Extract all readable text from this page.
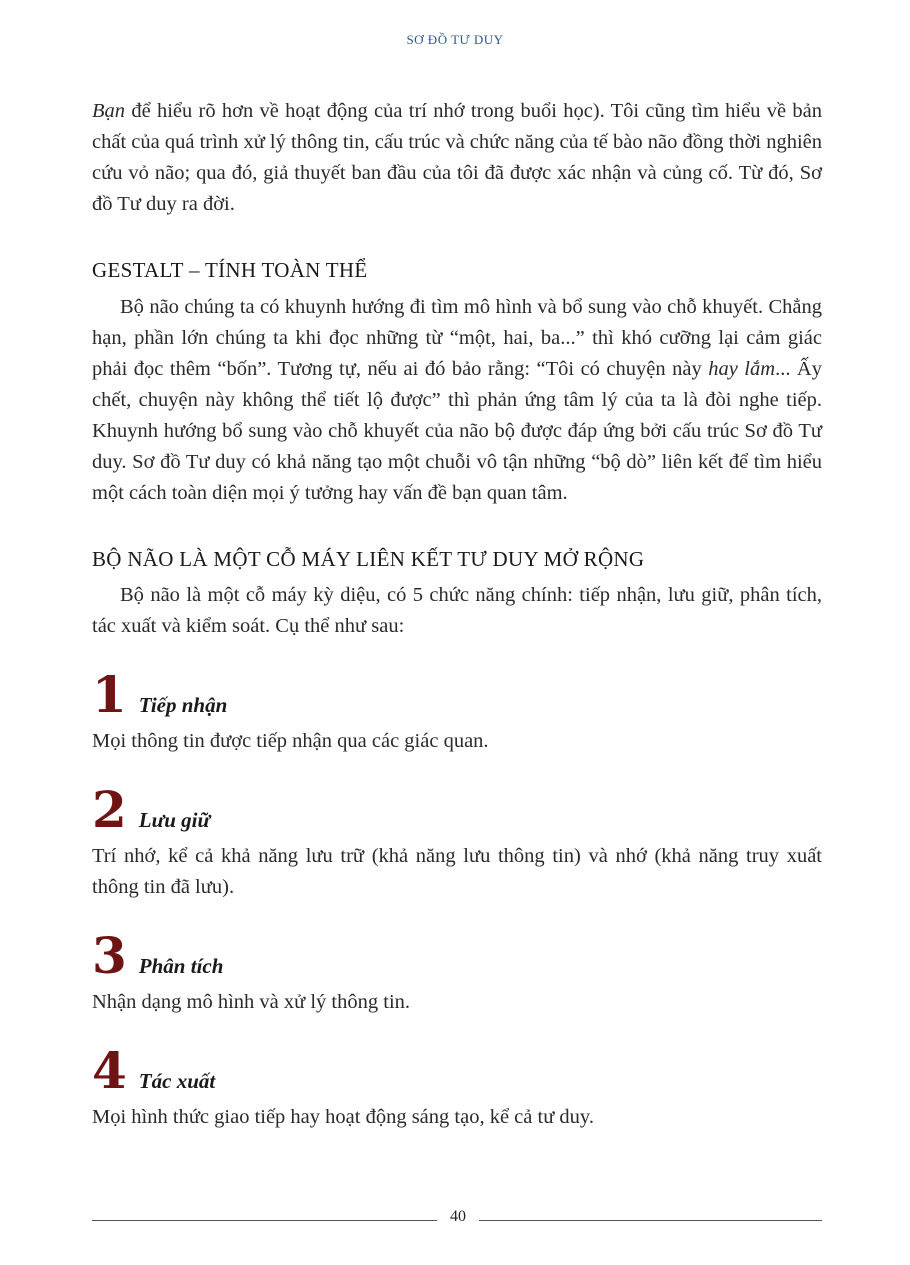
SƠ ĐỒ TƯ DUY

Bạn để hiểu rõ hơn về hoạt động của trí nhớ trong buổi học). Tôi cũng tìm hiểu về bản chất của quá trình xử lý thông tin, cấu trúc và chức năng của tế bào não đồng thời nghiên cứu vỏ não; qua đó, giả thuyết ban đầu của tôi đã được xác nhận và củng cố. Từ đó, Sơ đồ Tư duy ra đời.

GESTALT – TÍNH TOÀN THỂ

Bộ não chúng ta có khuynh hướng đi tìm mô hình và bổ sung vào chỗ khuyết. Chẳng hạn, phần lớn chúng ta khi đọc những từ “một, hai, ba...” thì khó cưỡng lại cảm giác phải đọc thêm “bốn”. Tương tự, nếu ai đó bảo rằng: “Tôi có chuyện này hay lắm... Ấy chết, chuyện này không thể tiết lộ được” thì phản ứng tâm lý của ta là đòi nghe tiếp. Khuynh hướng bổ sung vào chỗ khuyết của não bộ được đáp ứng bởi cấu trúc Sơ đồ Tư duy. Sơ đồ Tư duy có khả năng tạo một chuỗi vô tận những “bộ dò” liên kết để tìm hiểu một cách toàn diện mọi ý tưởng hay vấn đề bạn quan tâm.

BỘ NÃO LÀ MỘT CỖ MÁY LIÊN KẾT TƯ DUY MỞ RỘNG

Bộ não là một cỗ máy kỳ diệu, có 5 chức năng chính: tiếp nhận, lưu giữ, phân tích, tác xuất và kiểm soát. Cụ thể như sau:

1 Tiếp nhận

Mọi thông tin được tiếp nhận qua các giác quan.

2 Lưu giữ

Trí nhớ, kể cả khả năng lưu trữ (khả năng lưu thông tin) và nhớ (khả năng truy xuất thông tin đã lưu).

3 Phân tích

Nhận dạng mô hình và xử lý thông tin.

4 Tác xuất

Mọi hình thức giao tiếp hay hoạt động sáng tạo, kể cả tư duy.

40
